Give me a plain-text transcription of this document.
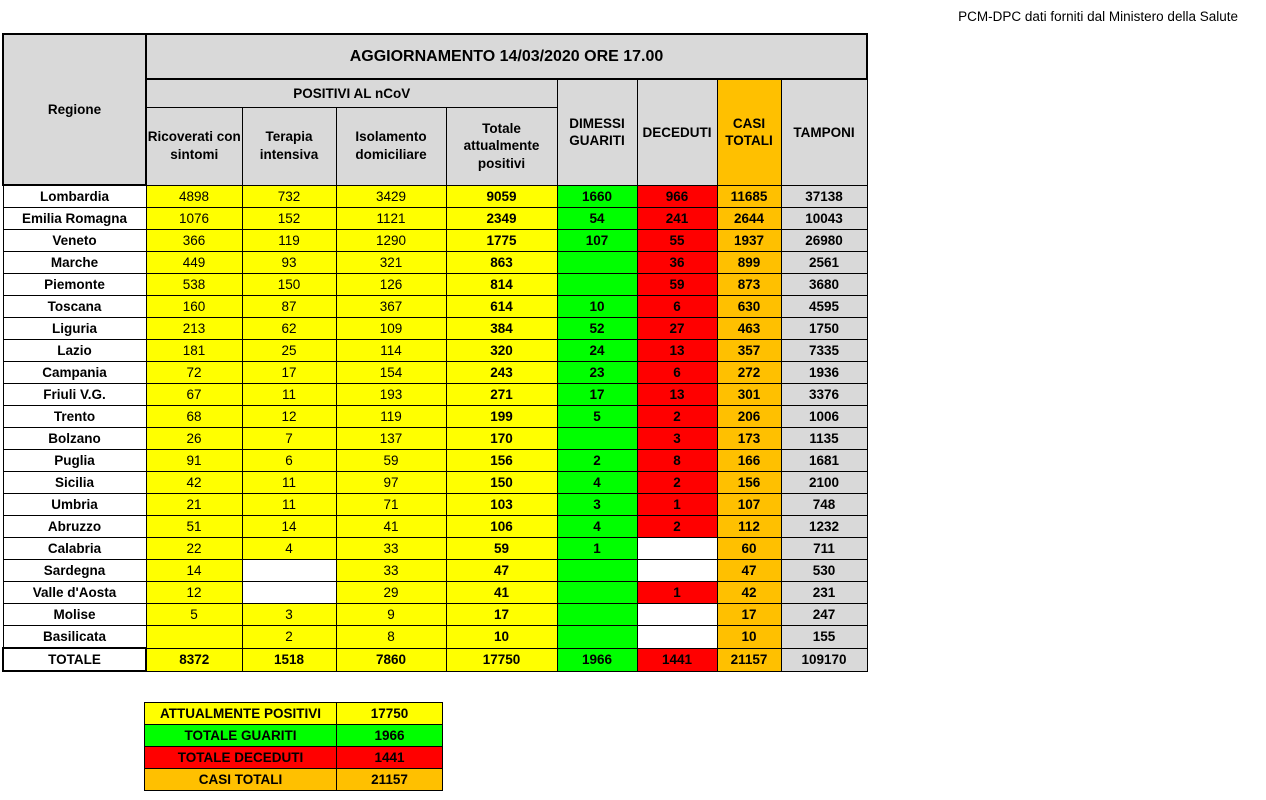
PCM-DPC dati forniti dal Ministero della Salute
Regione	AGGIORNAMENTO 14/03/2020 ORE 17.00							
	POSITIVI AL nCoV				DIMESSI GUARITI	DECEDUTI	CASI TOTALI	TAMPONI
	Ricoverati con sintomi	Terapia intensiva	Isolamento domiciliare	Totale attualmente positivi				
Lombardia	4898	732	3429	9059	1660	966	11685	37138
Emilia Romagna	1076	152	1121	2349	54	241	2644	10043
Veneto	366	119	1290	1775	107	55	1937	26980
Marche	449	93	321	863		36	899	2561
Piemonte	538	150	126	814		59	873	3680
Toscana	160	87	367	614	10	6	630	4595
Liguria	213	62	109	384	52	27	463	1750
Lazio	181	25	114	320	24	13	357	7335
Campania	72	17	154	243	23	6	272	1936
Friuli V.G.	67	11	193	271	17	13	301	3376
Trento	68	12	119	199	5	2	206	1006
Bolzano	26	7	137	170		3	173	1135
Puglia	91	6	59	156	2	8	166	1681
Sicilia	42	11	97	150	4	2	156	2100
Umbria	21	11	71	103	3	1	107	748
Abruzzo	51	14	41	106	4	2	112	1232
Calabria	22	4	33	59	1		60	711
Sardegna	14		33	47			47	530
Valle d'Aosta	12		29	41		1	42	231
Molise	5	3	9	17			17	247
Basilicata		2	8	10			10	155
TOTALE	8372	1518	7860	17750	1966	1441	21157	109170
ATTUALMENTE POSITIVI	17750
TOTALE GUARITI	1966
TOTALE DECEDUTI	1441
CASI TOTALI	21157
